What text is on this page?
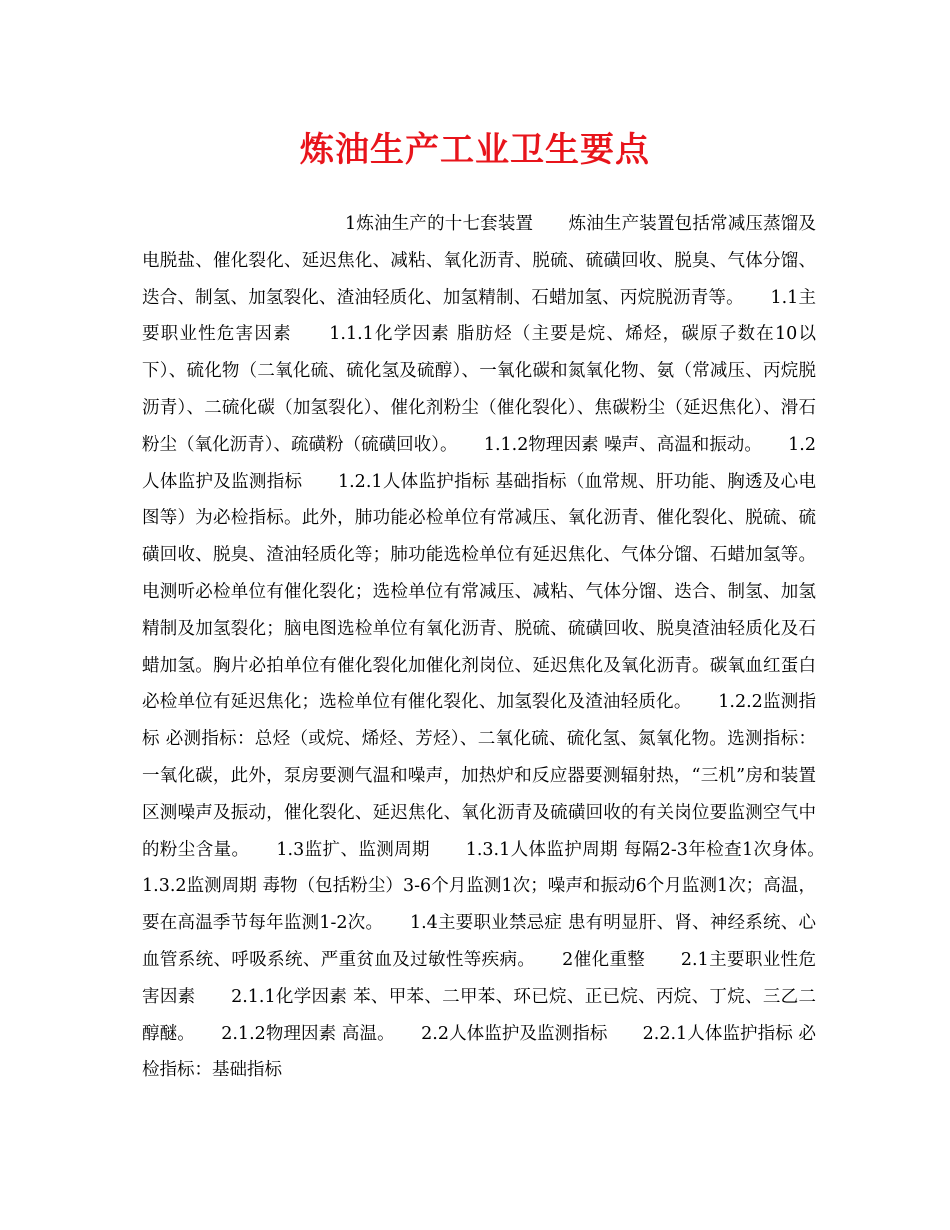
炼油生产工业卫生要点

1炼油生产的十七套装置　　炼油生产装置包括常减压蒸馏及电脱盐、催化裂化、延迟焦化、减粘、氧化沥青、脱硫、硫磺回收、脱臭、气体分馏、迭合、制氢、加氢裂化、渣油轻质化、加氢精制、石蜡加氢、丙烷脱沥青等。　　1.1主要职业性危害因素　　1.1.1化学因素 脂肪烃（主要是烷、烯烃，碳原子数在10以下）、硫化物（二氧化硫、硫化氢及硫醇）、一氧化碳和氮氧化物、氨（常减压、丙烷脱沥青）、二硫化碳（加氢裂化）、催化剂粉尘（催化裂化）、焦碳粉尘（延迟焦化）、滑石粉尘（氧化沥青）、疏磺粉（硫磺回收）。　　1.1.2物理因素 噪声、高温和振动。　　1.2人体监护及监测指标　　1.2.1人体监护指标 基础指标（血常规、肝功能、胸透及心电图等）为必检指标。此外，肺功能必检单位有常减压、氧化沥青、催化裂化、脱硫、硫磺回收、脱臭、渣油轻质化等；肺功能选检单位有延迟焦化、气体分馏、石蜡加氢等。电测听必检单位有催化裂化；选检单位有常减压、减粘、气体分馏、迭合、制氢、加氢精制及加氢裂化；脑电图选检单位有氧化沥青、脱硫、硫磺回收、脱臭渣油轻质化及石蜡加氢。胸片必拍单位有催化裂化加催化剂岗位、延迟焦化及氧化沥青。碳氧血红蛋白必检单位有延迟焦化；选检单位有催化裂化、加氢裂化及渣油轻质化。　　1.2.2监测指标 必测指标：总烃（或烷、烯烃、芳烃）、二氧化硫、硫化氢、氮氧化物。选测指标：一氧化碳，此外，泵房要测气温和噪声，加热炉和反应器要测辐射热，“三机”房和装置区测噪声及振动，催化裂化、延迟焦化、氧化沥青及硫磺回收的有关岗位要监测空气中的粉尘含量。　　1.3监扩、监测周期　　1.3.1人体监护周期 每隔2-3年检查1次身体。　　1.3.2监测周期 毒物（包括粉尘）3-6个月监测1次；噪声和振动6个月监测1次；高温，要在高温季节每年监测1-2次。　　1.4主要职业禁忌症 患有明显肝、肾、神经系统、心血管系统、呼吸系统、严重贫血及过敏性等疾病。　　2催化重整　　2.1主要职业性危害因素　　2.1.1化学因素 苯、甲苯、二甲苯、环已烷、正已烷、丙烷、丁烷、三乙二醇醚。　　2.1.2物理因素 高温。　　2.2人体监护及监测指标　　2.2.1人体监护指标 必检指标：基础指标
